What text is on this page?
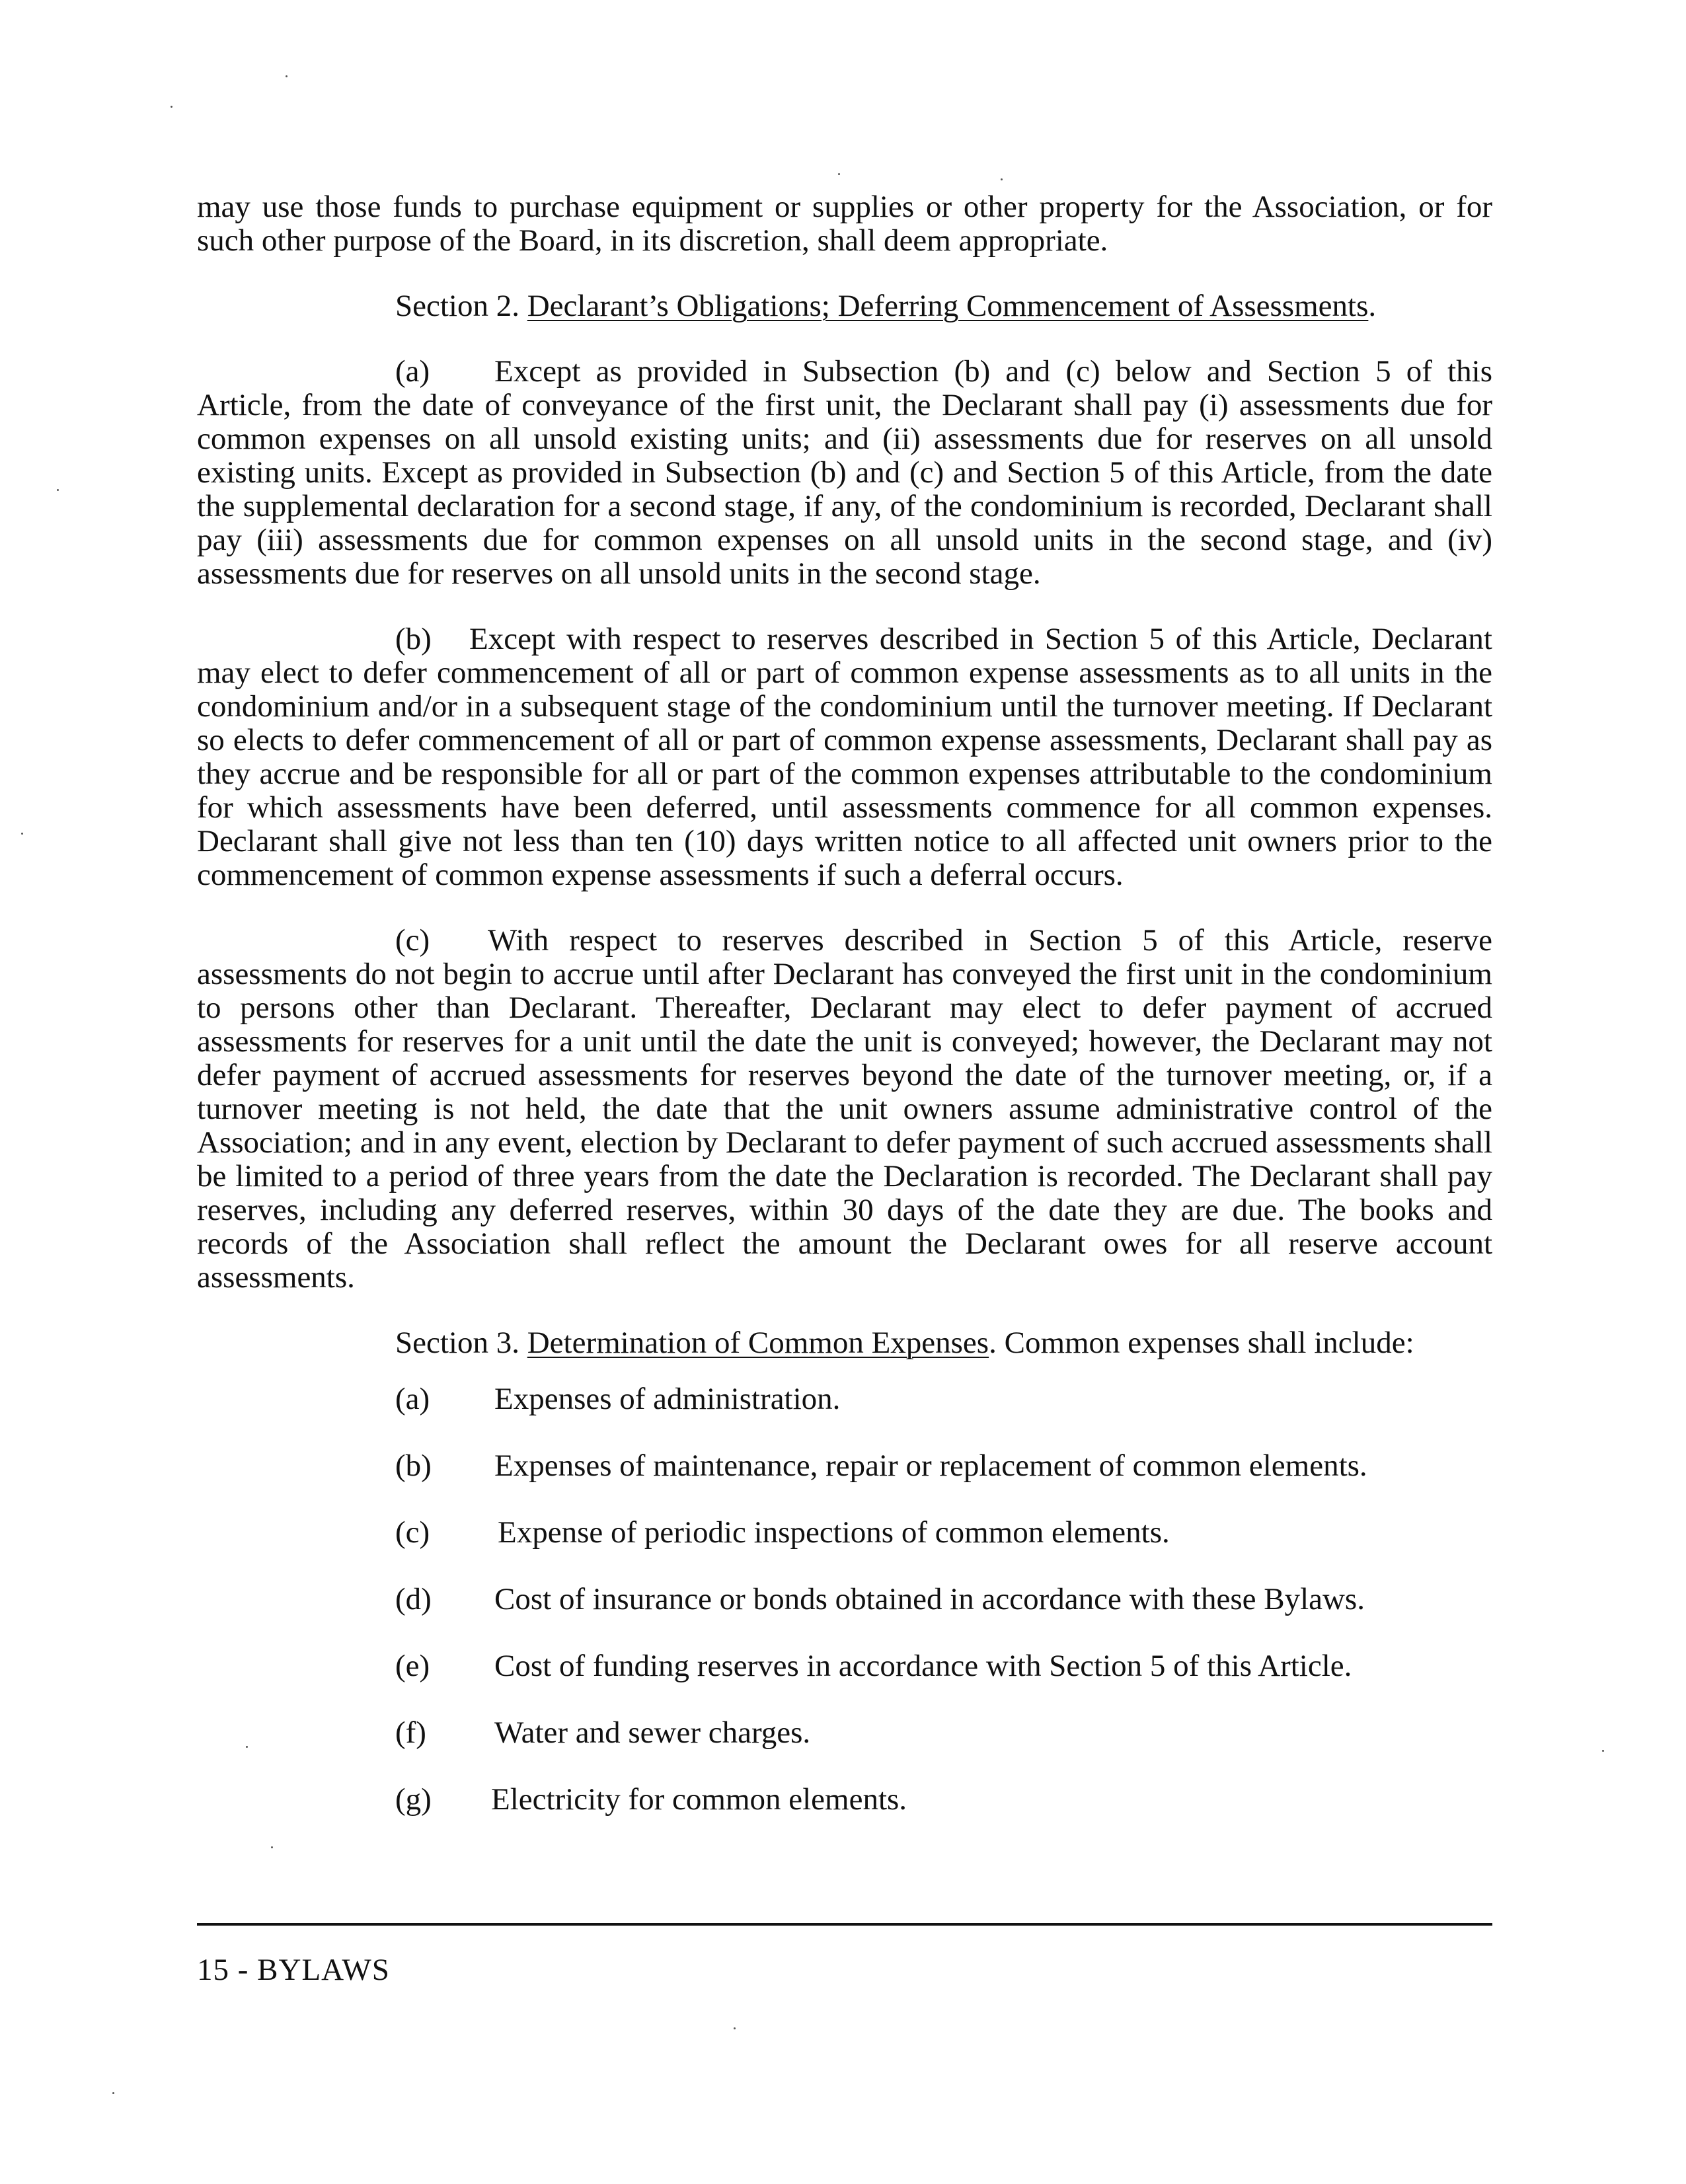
may use those funds to purchase equipment or supplies or other property for the Association, or for such other purpose of the Board, in its discretion, shall deem appropriate.

Section 2. Declarant’s Obligations; Deferring Commencement of Assessments.

(a) Except as provided in Subsection (b) and (c) below and Section 5 of this Article, from the date of conveyance of the first unit, the Declarant shall pay (i) assessments due for common expenses on all unsold existing units; and (ii) assessments due for reserves on all unsold existing units. Except as provided in Subsection (b) and (c) and Section 5 of this Article, from the date the supplemental declaration for a second stage, if any, of the condominium is recorded, Declarant shall pay (iii) assessments due for common expenses on all unsold units in the second stage, and (iv) assessments due for reserves on all unsold units in the second stage.

(b) Except with respect to reserves described in Section 5 of this Article, Declarant may elect to defer commencement of all or part of common expense assessments as to all units in the condominium and/or in a subsequent stage of the condominium until the turnover meeting. If Declarant so elects to defer commencement of all or part of common expense assessments, Declarant shall pay as they accrue and be responsible for all or part of the common expenses attributable to the condominium for which assessments have been deferred, until assessments commence for all common expenses. Declarant shall give not less than ten (10) days written notice to all affected unit owners prior to the commencement of common expense assessments if such a deferral occurs.

(c) With respect to reserves described in Section 5 of this Article, reserve assessments do not begin to accrue until after Declarant has conveyed the first unit in the condominium to persons other than Declarant. Thereafter, Declarant may elect to defer payment of accrued assessments for reserves for a unit until the date the unit is conveyed; however, the Declarant may not defer payment of accrued assessments for reserves beyond the date of the turnover meeting, or, if a turnover meeting is not held, the date that the unit owners assume administrative control of the Association; and in any event, election by Declarant to defer payment of such accrued assessments shall be limited to a period of three years from the date the Declaration is recorded. The Declarant shall pay reserves, including any deferred reserves, within 30 days of the date they are due. The books and records of the Association shall reflect the amount the Declarant owes for all reserve account assessments.

Section 3. Determination of Common Expenses. Common expenses shall include:

(a) Expenses of administration.
(b) Expenses of maintenance, repair or replacement of common elements.
(c) Expense of periodic inspections of common elements.
(d) Cost of insurance or bonds obtained in accordance with these Bylaws.
(e) Cost of funding reserves in accordance with Section 5 of this Article.
(f) Water and sewer charges.
(g) Electricity for common elements.
15 - BYLAWS
